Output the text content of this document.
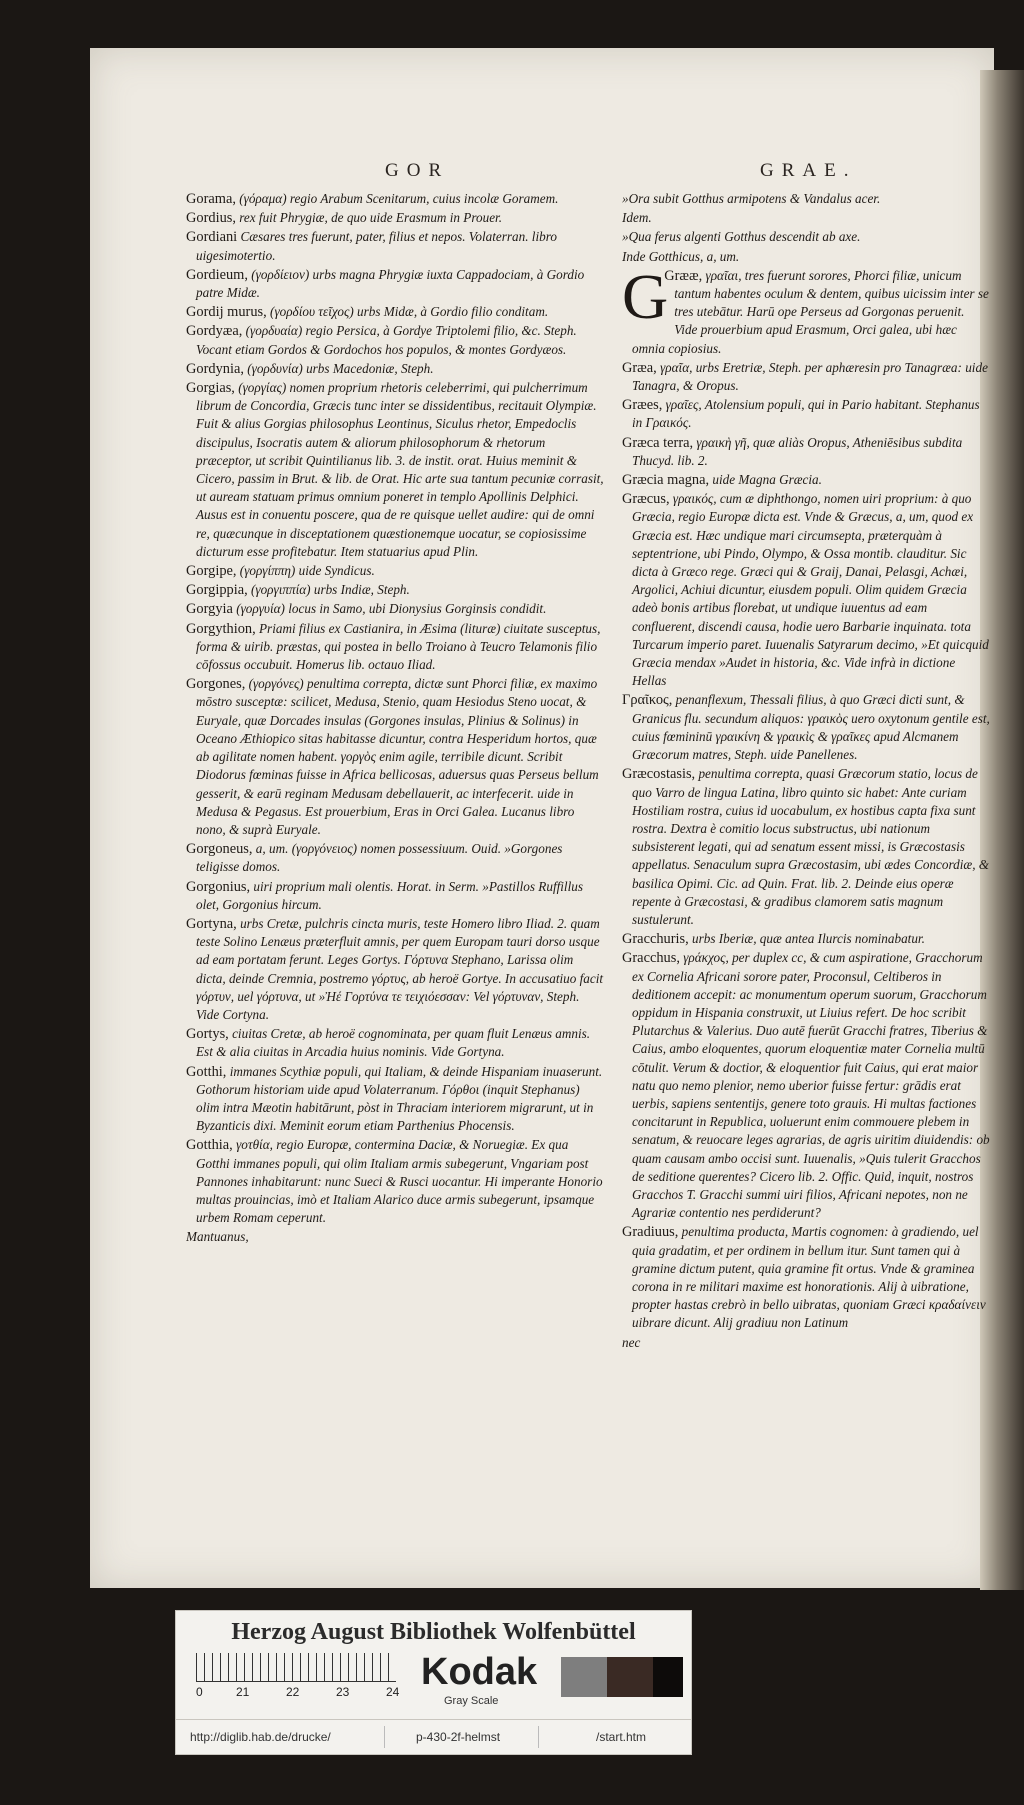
GOR	GRAE.

Gorama, (γόραμα) regio Arabum Scenitarum, cuius incolæ Goramem.

Gordius, rex fuit Phrygiæ, de quo uide Erasmum in Prouer.

Gordiani Cæsares tres fuerunt, pater, filius et nepos. Volaterran. libro uigesimotertio.

Gordieum, (γορδίειον) urbs magna Phrygiæ iuxta Cappadociam, à Gordio patre Midæ.

Gordij murus, (γορδίου τεῖχος) urbs Midæ, à Gordio filio conditam.

Gordyæa, (γορδυαία) regio Persica, à Gordye Triptolemi filio, &c. Steph. Vocant etiam Gordos & Gordochos hos populos, & montes Gordyæos.

Gordynia, (γορδυνία) urbs Macedoniæ, Steph.

Gorgias, (γοργίας) nomen proprium rhetoris celeberrimi, qui pulcherrimum librum de Concordia, Græcis tunc inter se dissidentibus, recitauit Olympiæ. Fuit & alius Gorgias philosophus Leontinus, Siculus rhetor, Empedoclis discipulus, Isocratis autem & aliorum philosophorum & rhetorum præceptor, ut scribit Quintilianus lib. 3. de instit. orat. Huius meminit & Cicero, passim in Brut. & lib. de Orat. Hic arte sua tantum pecuniæ corrasit, ut auream statuam primus omnium poneret in templo Apollinis Delphici. Ausus est in conuentu poscere, qua de re quisque uellet audire: qui de omni re, quæcunque in disceptationem quæstionemque uocatur, se copiosissime dicturum esse profitebatur. Item statuarius apud Plin.

Gorgipe, (γοργίππη) uide Syndicus.

Gorgippia, (γοργιππία) urbs Indiæ, Steph.

Gorgyia (γοργυία) locus in Samo, ubi Dionysius Gorginsis condidit.

Gorgythion, Priami filius ex Castianira, in Æsima (lituræ) ciuitate susceptus, forma & uirib. præstas, qui postea in bello Troiano à Teucro Telamonis filio cōfossus occubuit. Homerus lib. octauo Iliad.

Gorgones, (γοργόνες) penultima correpta, dictæ sunt Phorci filiæ, ex maximo mōstro susceptæ: scilicet, Medusa, Stenio, quam Hesiodus Steno uocat, & Euryale, quæ Dorcades insulas (Gorgones insulas, Plinius & Solinus) in Oceano Æthiopico sitas habitasse dicuntur, contra Hesperidum hortos, quæ ab agilitate nomen habent. γοργὸς enim agile, terribile dicunt. Scribit Diodorus fœminas fuisse in Africa bellicosas, aduersus quas Perseus bellum gesserit, & earū reginam Medusam debellauerit, ac interfecerit. uide in Medusa & Pegasus. Est prouerbium, Eras in Orci Galea. Lucanus libro nono, & suprà Euryale.

Gorgoneus, a, um. (γοργόνειος) nomen possessiuum. Ouid. »Gorgones teligisse domos.

Gorgonius, uiri proprium mali olentis. Horat. in Serm. »Pastillos Ruffillus olet, Gorgonius hircum.

Gortyna, urbs Cretæ, pulchris cincta muris, teste Homero libro Iliad. 2. quam teste Solino Lenæus præterfluit amnis, per quem Europam tauri dorso usque ad eam portatam ferunt. Leges Gortys. Γόρτυνα Stephano, Larissa olim dicta, deinde Cremnia, postremo γόρτυς, ab heroë Gortye. In accusatiuo facit γόρτυν, uel γόρτυνα, ut »Ἠέ Γορτύνα τε τειχιόεσσαν: Vel γόρτυναν, Steph. Vide Cortyna.

Gortys, ciuitas Cretæ, ab heroë cognominata, per quam fluit Lenæus amnis. Est & alia ciuitas in Arcadia huius nominis. Vide Gortyna.

Gotthi, immanes Scythiæ populi, qui Italiam, & deinde Hispaniam inuaserunt. Gothorum historiam uide apud Volaterranum. Γόρθοι (inquit Stephanus) olim intra Mæotin habitārunt, pòst in Thraciam interiorem migrarunt, ut in Byzanticis dixi. Meminit eorum etiam Parthenius Phocensis.

Gotthia, γοτθία, regio Europæ, contermina Daciæ, & Noruegiæ. Ex qua Gotthi immanes populi, qui olim Italiam armis subegerunt, Vngariam post Pannones inhabitarunt: nunc Sueci & Rusci uocantur. Hi imperante Honorio multas prouincias, imò et Italiam Alarico duce armis subegerunt, ipsamque urbem Romam ceperunt.

Mantuanus,

»Ora subit Gotthus armipotens & Vandalus acer.

Idem.

»Qua ferus algenti Gotthus descendit ab axe.

Inde Gotthicus, a, um.

G
Grææ, γραῖαι, tres fuerunt sorores, Phorci filiæ, unicum tantum habentes oculum & dentem, quibus uicissim inter se tres utebātur. Harū ope Perseus ad Gorgonas peruenit. Vide prouerbium apud Erasmum, Orci galea, ubi hæc omnia copiosius.

Græa, γραῖα, urbs Eretriæ, Steph. per aphæresin pro Tanagræa: uide Tanagra, & Oropus.

Græes, γραῖες, Atolensium populi, qui in Pario habitant. Stephanus in Γραικός.

Græca terra, γραικὴ γῆ, quæ aliàs Oropus, Atheniēsibus subdita Thucyd. lib. 2.

Græcia magna, uide Magna Græcia.

Græcus, γραικός, cum æ diphthongo, nomen uiri proprium: à quo Græcia, regio Europæ dicta est. Vnde & Græcus, a, um, quod ex Græcia est. Hæc undique mari circumsepta, præterquàm à septentrione, ubi Pindo, Olympo, & Ossa montib. clauditur. Sic dicta à Græco rege. Græci qui & Graij, Danai, Pelasgi, Achæi, Argolici, Achiui dicuntur, eiusdem populi. Olim quidem Græcia adeò bonis artibus florebat, ut undique iuuentus ad eam confluerent, discendi causa, hodie uero Barbarie inquinata. tota Turcarum imperio paret. Iuuenalis Satyrarum decimo, »Et quicquid Græcia mendax »Audet in historia, &c. Vide infrà in dictione Hellas

Γραῖκος, penanflexum, Thessali filius, à quo Græci dicti sunt, & Granicus flu. secundum aliquos: γραικὸς uero oxytonum gentile est, cuius fœmininū γραικίνη & γραικὶς & γραῖκες apud Alcmanem Græcorum matres, Steph. uide Panellenes.

Græcostasis, penultima correpta, quasi Græcorum statio, locus de quo Varro de lingua Latina, libro quinto sic habet: Ante curiam Hostiliam rostra, cuius id uocabulum, ex hostibus capta fixa sunt rostra. Dextra è comitio locus substructus, ubi nationum subsisterent legati, qui ad senatum essent missi, is Græcostasis appellatus. Senaculum supra Græcostasim, ubi ædes Concordiæ, & basilica Opimi. Cic. ad Quin. Frat. lib. 2. Deinde eius operæ repente à Græcostasi, & gradibus clamorem satis magnum sustulerunt.

Gracchuris, urbs Iberiæ, quæ antea Ilurcis nominabatur.

Gracchus, γράκχος, per duplex cc, & cum aspiratione, Gracchorum ex Cornelia Africani sorore pater, Proconsul, Celtiberos in deditionem accepit: ac monumentum operum suorum, Gracchorum oppidum in Hispania construxit, ut Liuius refert. De hoc scribit Plutarchus & Valerius. Duo autē fuerūt Gracchi fratres, Tiberius & Caius, ambo eloquentes, quorum eloquentiæ mater Cornelia multū cōtulit. Verum & doctior, & eloquentior fuit Caius, qui erat maior natu quo nemo plenior, nemo uberior fuisse fertur: grādis erat uerbis, sapiens sententijs, genere toto grauis. Hi multas factiones concitarunt in Republica, uoluerunt enim commouere plebem in senatum, & reuocare leges agrarias, de agris uiritim diuidendis: ob quam causam ambo occisi sunt. Iuuenalis, »Quis tulerit Gracchos de seditione querentes? Cicero lib. 2. Offic. Quid, inquit, nostros Gracchos T. Gracchi summi uiri filios, Africani nepotes, non ne Agrariæ contentio nes perdiderunt?

Gradiuus, penultima producta, Martis cognomen: à gradiendo, uel quia gradatim, et per ordinem in bellum itur. Sunt tamen qui à gramine dictum putent, quia gramine fit ortus. Vnde & graminea corona in re militari maxime est honorationis. Alij à uibratione, propter hastas crebrò in bello uibratas, quoniam Græci κραδαίνειν uibrare dicunt. Alij gradiuu non Latinum

nec

Herzog August Bibliothek Wolfenbüttel
0	21	22	23	24 Kodak
Gray Scale
http://diglib.hab.de/drucke/	p-430-2f-helmst	/start.htm
